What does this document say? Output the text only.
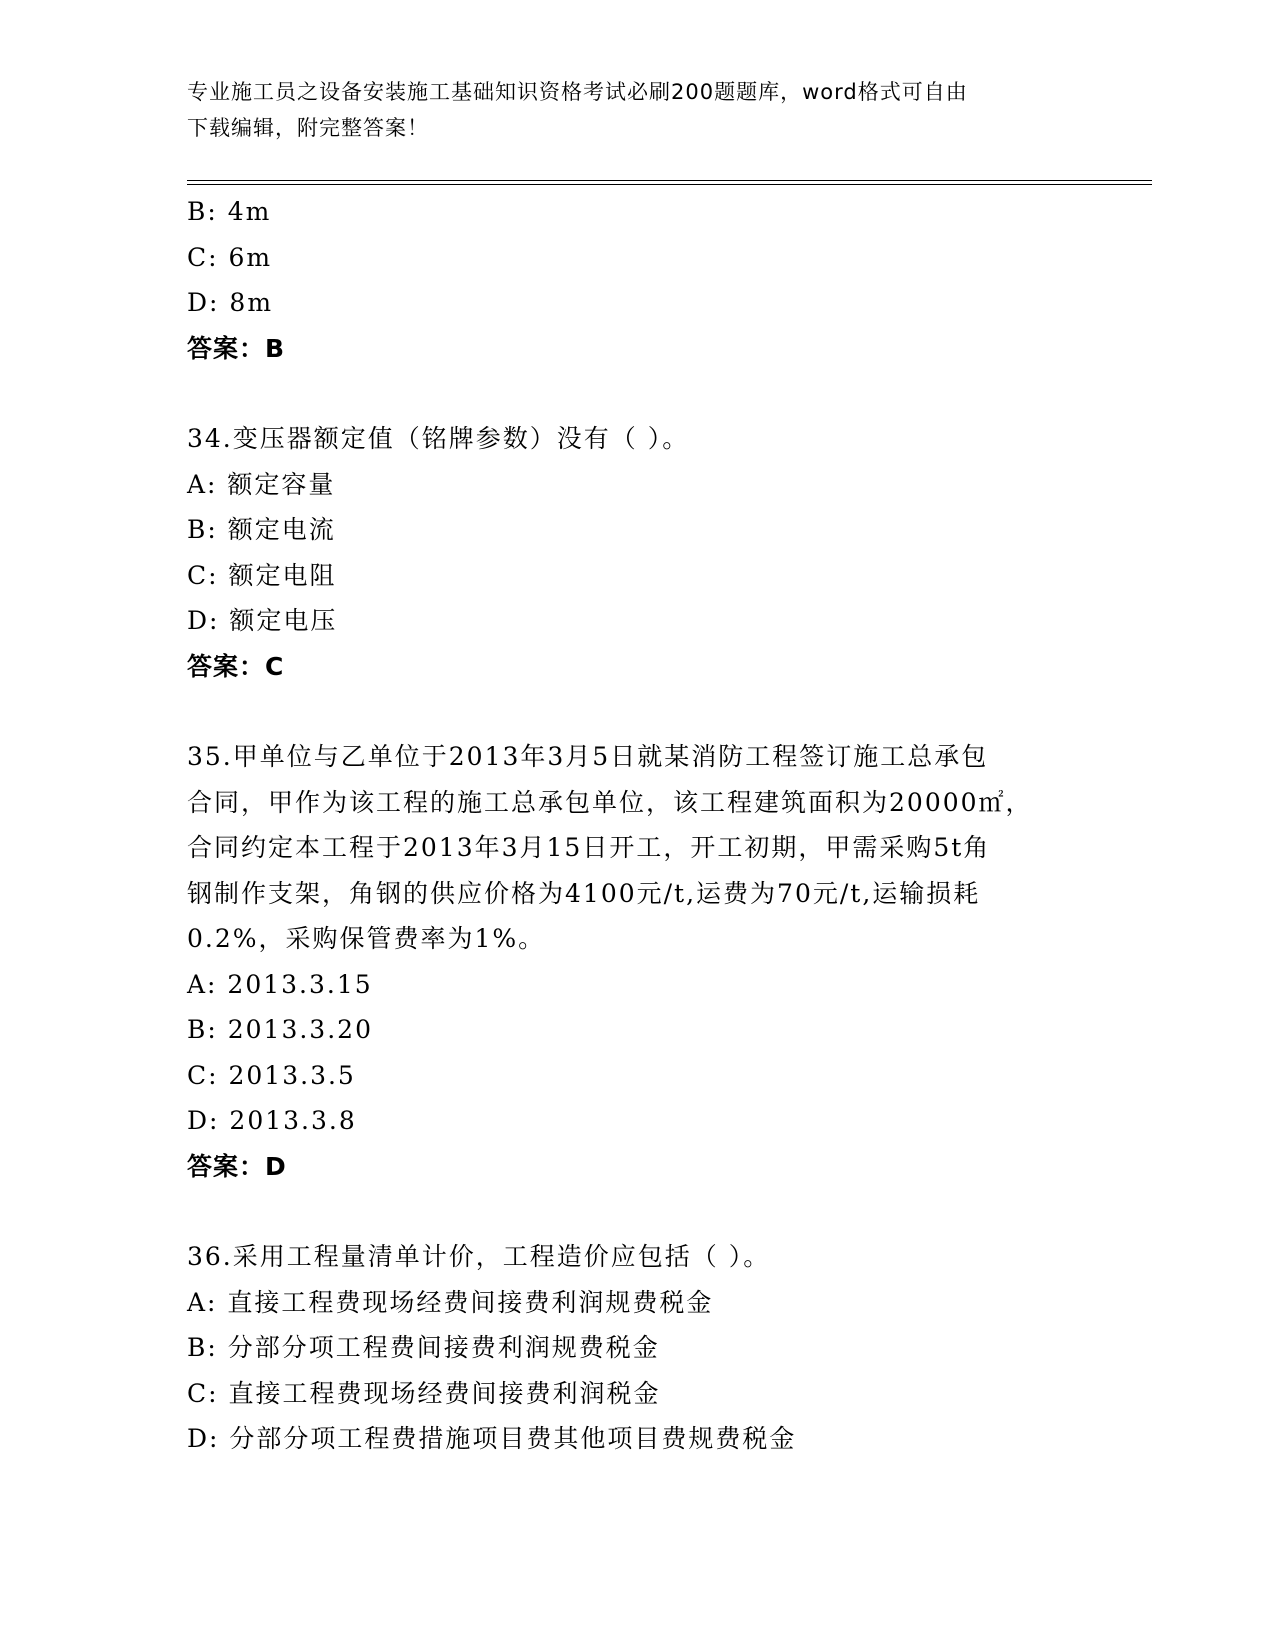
专业施工员之设备安装施工基础知识资格考试必刷200题题库，word格式可自由
下载编辑，附完整答案！
B: 4m
C: 6m
D: 8m
答案：B
34.变压器额定值（铭牌参数）没有（ ）。
A: 额定容量
B: 额定电流
C: 额定电阻
D: 额定电压
答案：C
35.甲单位与乙单位于2013年3月5日就某消防工程签订施工总承包
合同，甲作为该工程的施工总承包单位，该工程建筑面积为20000㎡，
合同约定本工程于2013年3月15日开工，开工初期，甲需采购5t角
钢制作支架，角钢的供应价格为4100元/t,运费为70元/t,运输损耗
0.2%，采购保管费率为1%。
A: 2013.3.15
B: 2013.3.20
C: 2013.3.5
D: 2013.3.8
答案：D
36.采用工程量清单计价，工程造价应包括（ ）。
A: 直接工程费现场经费间接费利润规费税金
B: 分部分项工程费间接费利润规费税金
C: 直接工程费现场经费间接费利润税金
D: 分部分项工程费措施项目费其他项目费规费税金
